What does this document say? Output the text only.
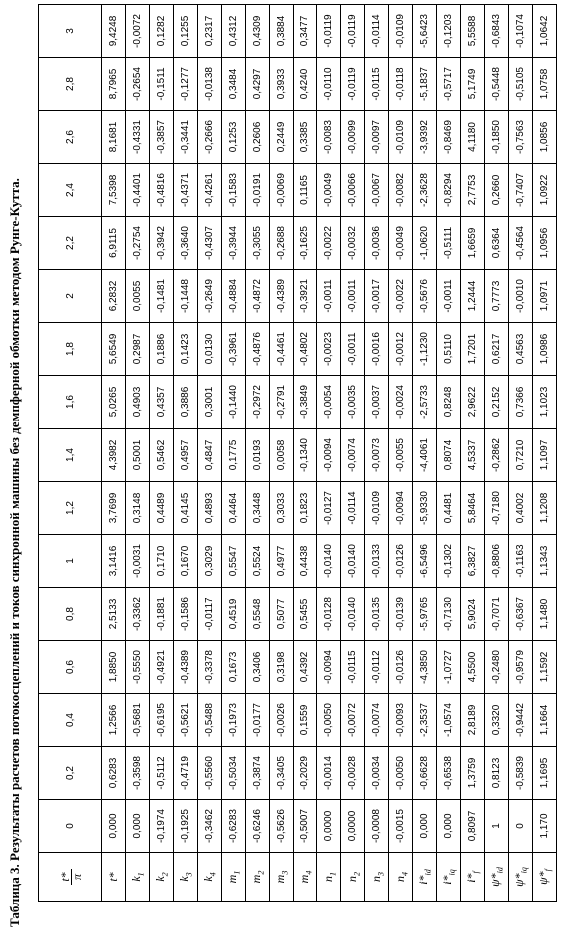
Таблица 3. Результаты расчетов потокосцеплений и токов синхронной машины без демпферной обмотки методом Рунге-Кутта.	t*
π	0	0,2	0,4	0,6	0,8	1	1,2	1,4	1,6	1,8	2	2,2	2,4	2,6	2,8	3
t*	0,000	0,6283	1,2566	1,8850	2,5133	3,1416	3,7699	4,3982	5,0265	5,6549	6,2832	6,9115	7,5398	8,1681	8,7965	9,4248
$k_1$	0,000	-0,3598	-0,5681	-0,5550	-0,3362	-0,0031	0,3148	0,5001	0,4903	0,2987	0,0055	-0,2754	-0,4401	-0,4331	-0,2654	-0,0072
$k_2$	-0,1974	-0,5112	-0,6195	-0,4921	-0,1881	0,1710	0,4489	0,5462	0,4357	0,1886	-0,1481	-0,3942	-0,4816	-0,3857	-0,1511	0,1282
$k_3$	-0,1925	-0,4719	-0,5621	-0,4389	-0,1586	0,1670	0,4145	0,4957	0,3886	0,1423	-0,1448	-0,3640	-0,4371	-0,3441	-0,1277	0,1255
$k_4$	-0,3462	-0,5560	-0,5488	-0,3378	-0,0117	0,3029	0,4893	0,4847	0,3001	0,0130	-0,2649	-0,4307	-0,4261	-0,2666	-0,0138	0,2317
$m_1$	-0,6283	-0,5034	-0,1973	0,1673	0,4519	0,5547	0,4464	0,1775	-0,1440	-0,3961	-0,4884	-0,3944	-0,1583	0,1253	0,3484	0,4312
$m_2$	-0,6246	-0,3874	-0,0177	0,3406	0,5548	0,5524	0,3448	0,0193	-0,2972	-0,4876	-0,4872	-0,3055	-0,0191	0,2606	0,4297	0,4309
$m_3$	-0,5626	-0,3405	-0,0026	0,3198	0,5077	0,4977	0,3033	0,0058	-0,2791	-0,4461	-0,4389	-0,2688	-0,0069	0,2449	0,3933	0,3884
$m_4$	-0,5007	-0,2029	0,1559	0,4392	0,5455	0,4438	0,1823	-0,1340	-0,3849	-0,4802	-0,3921	-0,1625	0,1165	0,3385	0,4240	0,3477
$n_1$	0,0000	-0,0014	-0,0050	-0,0094	-0,0128	-0,0140	-0,0127	-0,0094	-0,0054	-0,0023	-0,0011	-0,0022	-0,0049	-0,0083	-0,0110	-0,0119
$n_2$	0,0000	-0,0028	-0,0072	-0,0115	-0,0140	-0,0140	-0,0114	-0,0074	-0,0035	-0,0011	-0,0011	-0,0032	-0,0066	-0,0099	-0,0119	-0,0119
$n_3$	-0,0008	-0,0034	-0,0074	-0,0112	-0,0135	-0,0133	-0,0109	-0,0073	-0,0037	-0,0016	-0,0017	-0,0036	-0,0067	-0,0097	-0,0115	-0,0114
$n_4$	-0,0015	-0,0050	-0,0093	-0,0126	-0,0139	-0,0126	-0,0094	-0,0055	-0,0024	-0,0012	-0,0022	-0,0049	-0,0082	-0,0109	-0,0118	-0,0109
$i*_{id}$	0,000	-0,6628	-2,3537	-4,3850	-5,9765	-6,5496	-5,9330	-4,4061	-2,5733	-1,1230	-0,5676	-1,0620	-2,3628	-3,9392	-5,1837	-5,6423
$i*_{iq}$	0,000	-0,6538	-1,0574	-1,0727	-0,7130	-0,1302	0,4481	0,8074	0,8248	0,5110	-0,0011	-0,5111	-0,8294	-0,8469	-0,5717	-0,1203
$i*_f$	0,8097	1,3759	2,8189	4,5500	5,9024	6,3827	5,8464	4,5337	2,9622	1,7201	1,2444	1,6659	2,7753	4,1180	5,1749	5,5588
$\psi*_{id}$	1	0,8123	0,3320	-0,2480	-0,7071	-0,8806	-0,7180	-0,2862	0,2152	0,6217	0,7773	0,6364	0,2660	-0,1850	-0,5448	-0,6843
$\psi*_{iq}$	0	-0,5839	-0,9442	-0,9579	-0,6367	-0,1163	0,4002	0,7210	0,7366	0,4563	-0,0010	-0,4564	-0,7407	-0,7563	-0,5105	-0,1074
$\psi*_f$	1,170	1,1695	1,1664	1,1592	1,1480	1,1343	1,1208	1,1097	1,1023	1,0986	1,0971	1,0956	1,0922	1,0856	1,0758	1,0642
